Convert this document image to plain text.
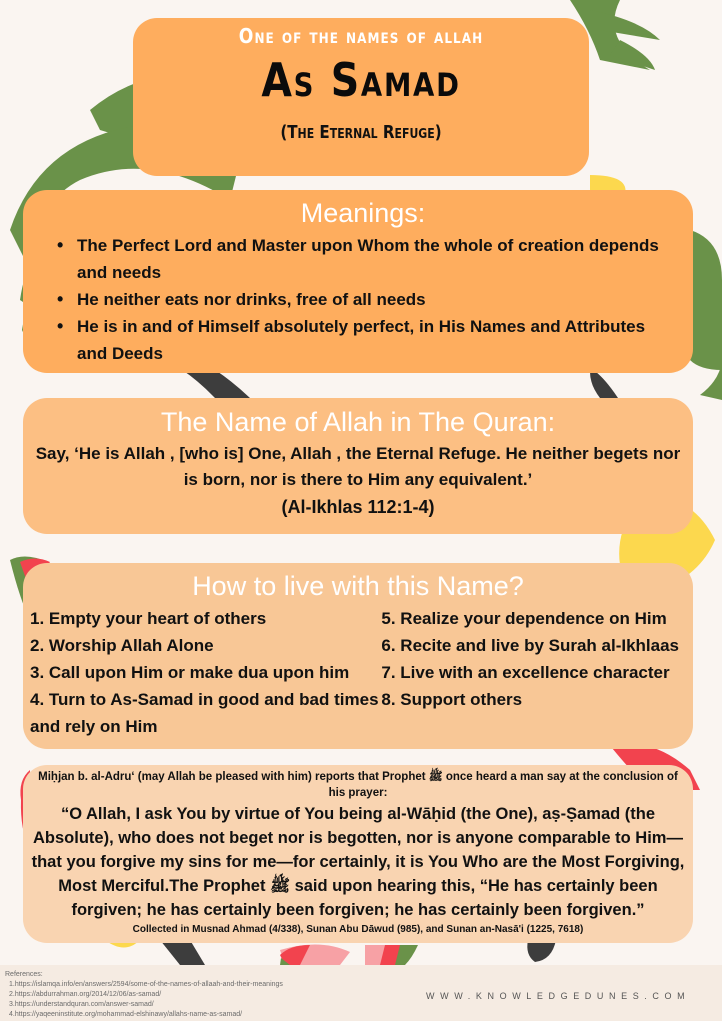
One of the names of allah
As Samad
(The Eternal Refuge)
Meanings:
• The Perfect Lord and Master upon Whom the whole of creation depends and needs
• He neither eats nor drinks, free of all needs
• He is in and of Himself absolutely perfect, in His Names and Attributes and Deeds
The Name of Allah in The Quran:
Say, ‘He is Allah , [who is] One, Allah , the Eternal Refuge. He neither begets nor is born, nor is there to Him any equivalent.’
(Al-Ikhlas 112:1-4)
How to live with this Name?
1. Empty your heart of others
2. Worship Allah Alone
3. Call upon Him or make dua upon him
4. Turn to As-Samad in good and bad times and rely on Him
5. Realize your dependence on Him
6. Recite and live by Surah al-Ikhlaas
7. Live with an excellence character
8. Support others
Miḥjan b. al-Adru‘ (may Allah be pleased with him) reports that Prophet ﷺ once heard a man say at the conclusion of his prayer:
“O Allah, I ask You by virtue of You being al-Wāḥid (the One), aṣ-Ṣamad (the Absolute), who does not beget nor is begotten, nor is anyone comparable to Him—that you forgive my sins for me—for certainly, it is You Who are the Most Forgiving, Most Merciful.The Prophet ﷺ said upon hearing this, “He has certainly been forgiven; he has certainly been forgiven; he has certainly been forgiven.”
Collected in Musnad Ahmad (4/338), Sunan Abu Dāwud (985), and Sunan an-Nasā'i (1225, 7618)
References:
1.https://islamqa.info/en/answers/2594/some-of-the-names-of-allaah-and-their-meanings
2.https://abdurrahman.org/2014/12/06/as-samad/
3.https://understandquran.com/answer-samad/
4.https://yaqeeninstitute.org/mohammad-elshinawy/allahs-name-as-samad/
WWW.KNOWLEDGEDUNES.COM
